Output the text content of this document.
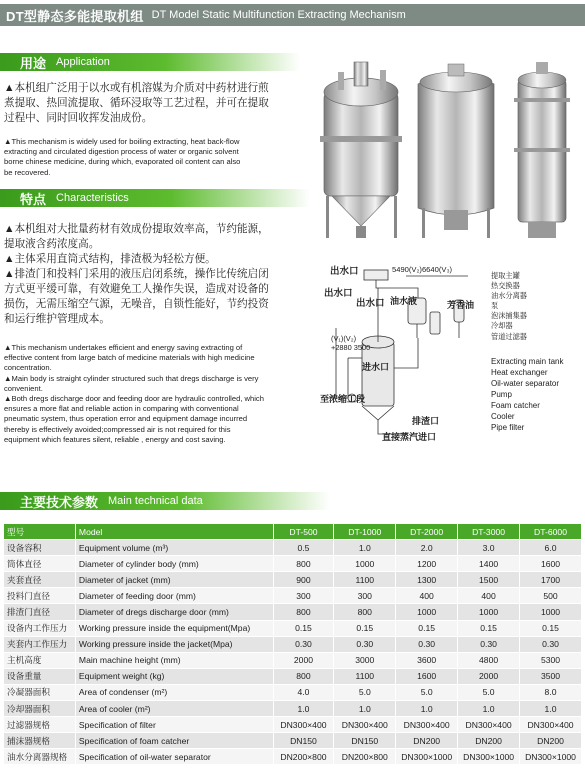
DT型静态多能提取机组 DT Model Static Multifunction Extracting Mechanism
用途 Application
▲本机组广泛用于以水或有机溶媒为介质对中药材进行煎
煮提取、热回流提取、循环浸取等工艺过程，并可在提取
过程中、同时回收挥发油成份。
▲This mechanism is widely used for boiling extracting, heat back-flow
extracting and circulated digestion process of water or organic solvent
borne chinese medicine, during which, evaporated oil content can also
be recovered.
特点 Characteristics
▲本机组对大批量药材有效成份提取效率高，节约能源，
提取液含药浓度高。
▲主体采用直筒式结构，排渣极为轻松方便。
▲排渣门和投料门采用的液压启闭系统，操作比传统启闭
方式更平缓可靠，有效避免工人操作失误，造成对设备的
损伤，无需压缩空气源，无噪音，自锁性能好，节约投资
和运行维护管理成本。
▲This mechanism undertakes efficient and energy saving extracting of
effective content from large batch of medicine materials with high medicine
concentration.
▲Main body is straight cylinder structured such that dregs discharge is very
convenient.
▲Both dregs discharge door and feeding door are hydraulic controlled, which
ensures a more flat and reliable action in comparing with conventional
pneumatic system, thus operation error and equipment damage incurred
thereby is effectively avoided;compressed air is not required for this
equipment which features silent, reliable , energy and cost saving.
出水口
出水口
出水口
5490(V₂)6640(V₃)
油水液	芳香油
(V₁)(V₂)
+2880 3500
进水口
至浓缩工段
排渣口
直接蒸汽进口
提取主罐
热交换器
油水分离器
泵
泡沫捕集器
冷却器
管道过滤器
Extracting main tank
Heat exchanger
Oil-water separator
Pump
Foam catcher
Cooler
Pipe filter
主要技术参数 Main technical data
型号	Model	DT-500	DT-1000	DT-2000	DT-3000	DT-6000
设备容积	Equipment volume (m³)	0.5	1.0	2.0	3.0	6.0
筒体直径	Diameter of cylinder body (mm)	800	1000	1200	1400	1600
夹套直径	Diameter of jacket (mm)	900	1100	1300	1500	1700
投料门直径	Diameter of feeding door (mm)	300	300	400	400	500
排渣门直径	Diameter of dregs discharge door (mm)	800	800	1000	1000	1000
设备内工作压力	Working pressure inside the equipment(Mpa)	0.15	0.15	0.15	0.15	0.15
夹套内工作压力	Working pressure inside the jacket(Mpa)	0.30	0.30	0.30	0.30	0.30
主机高度	Main machine height (mm)	2000	3000	3600	4800	5300
设备重量	Equipment weight (kg)	800	1100	1600	2000	3500
冷凝器面积	Area of condenser (m²)	4.0	5.0	5.0	5.0	8.0
冷却器面积	Area of cooler (m²)	1.0	1.0	1.0	1.0	1.0
过滤器规格	Specification of filter	DN300×400	DN300×400	DN300×400	DN300×400	DN300×400
捕沫器规格	Specification of foam catcher	DN150	DN150	DN200	DN200	DN200
油水分离器规格	Specification of oil-water separator	DN200×800	DN200×800	DN300×1000	DN300×1000	DN300×1000
